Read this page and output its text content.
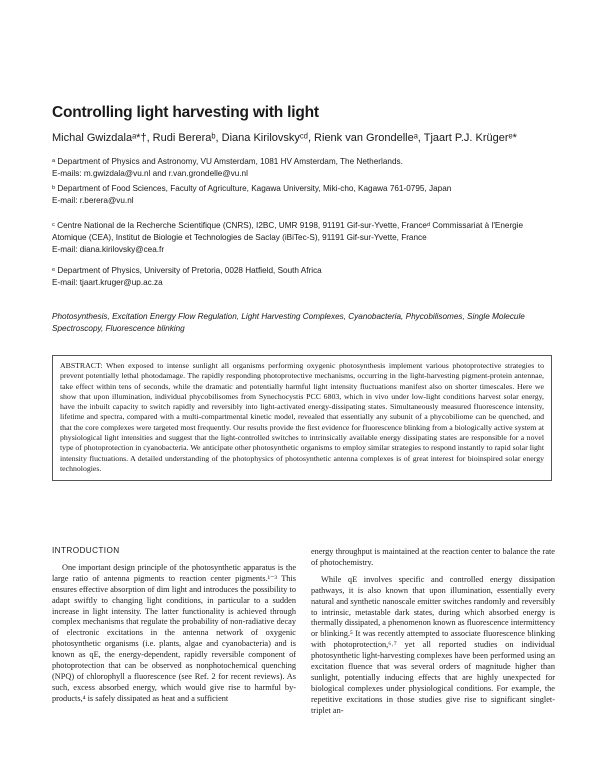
Controlling light harvesting with light
Michal Gwizdalaᵃ*†, Rudi Bereraᵇ, Diana Kirilovskyᶜᵈ, Rienk van Grondelleᵃ, Tjaart P.J. Krügerᵉ*

ᵃ Department of Physics and Astronomy, VU Amsterdam, 1081 HV Amsterdam, The Netherlands.

E-mails: m.gwizdala@vu.nl and r.van.grondelle@vu.nl

ᵇ Department of Food Sciences, Faculty of Agriculture, Kagawa University, Miki-cho, Kagawa 761-0795, Japan

E-mail: r.berera@vu.nl

ᶜ Centre National de la Recherche Scientifique (CNRS), I2BC, UMR 9198, 91191 Gif-sur-Yvette, Franceᵈ Commissariat à l'Energie Atomique (CEA), Institut de Biologie et Technologies de Saclay (iBiTec-S), 91191 Gif-sur-Yvette, France

E-mail: diana.kirilovsky@cea.fr

ᵉ Department of Physics, University of Pretoria, 0028 Hatfield, South Africa

E-mail: tjaart.kruger@up.ac.za

Photosynthesis, Excitation Energy Flow Regulation, Light Harvesting Complexes, Cyanobacteria, Phycobilisomes, Single Molecule Spectroscopy, Fluorescence blinking
ABSTRACT: When exposed to intense sunlight all organisms performing oxygenic photosynthesis implement various photoprotective strategies to prevent potentially lethal photodamage. The rapidly responding photoprotective mechanisms, occurring in the light-harvesting pigment-protein antennae, take effect within tens of seconds, while the dramatic and potentially harmful light intensity fluctuations manifest also on shorter timescales. Here we show that upon illumination, individual phycobilisomes from Synechocystis PCC 6803, which in vivo under low-light conditions harvest solar energy, have the inbuilt capacity to switch rapidly and reversibly into light-activated energy-dissipating states. Simultaneously measured fluorescence intensity, lifetime and spectra, compared with a multi-compartmental kinetic model, revealed that essentially any subunit of a phycobiliome can be quenched, and that the core complexes were targeted most frequently. Our results provide the first evidence for fluorescence blinking from a biologically active system at physiological light intensities and suggest that the light-controlled switches to intrinsically available energy dissipating states are responsible for a novel type of photoprotection in cyanobacteria. We anticipate other photosynthetic organisms to employ similar strategies to respond instantly to rapid solar light intensity fluctuations. A detailed understanding of the photophysics of photosynthetic antenna complexes is of great interest for bioinspired solar energy technologies.

INTRODUCTION

One important design principle of the photosynthetic apparatus is the large ratio of antenna pigments to reaction center pigments.¹⁻³ This ensures effective absorption of dim light and introduces the possibility to adapt swiftly to changing light conditions, in particular to a sudden increase in light intensity. The latter functionality is achieved through complex mechanisms that regulate the probability of non-radiative decay of electronic excitations in the antenna network of oxygenic photosynthetic organisms (i.e. plants, algae and cyanobacteria) and is known as qE, the energy-dependent, rapidly reversible component of photoprotection that can be observed as nonphotochemical quenching (NPQ) of chlorophyll a fluorescence (see Ref. 2 for recent reviews). As such, excess absorbed energy, which would give rise to harmful by-products,⁴ is safely dissipated as heat and a sufficient

energy throughput is maintained at the reaction center to balance the rate of photochemistry.

While qE involves specific and controlled energy dissipation pathways, it is also known that upon illumination, essentially every natural and synthetic nanoscale emitter switches randomly and reversibly to intrinsic, metastable dark states, during which absorbed energy is thermally dissipated, a phenomenon known as fluorescence intermittency or blinking.⁵ It was recently attempted to associate fluorescence blinking with photoprotection,⁶˒⁷ yet all reported studies on individual photosynthetic light-harvesting complexes have been performed using an excitation fluence that was several orders of magnitude higher than sunlight, potentially inducing effects that are highly unexpected for biological complexes under physiological conditions. For example, the repetitive excitations in those studies give rise to significant singlet-triplet an-
